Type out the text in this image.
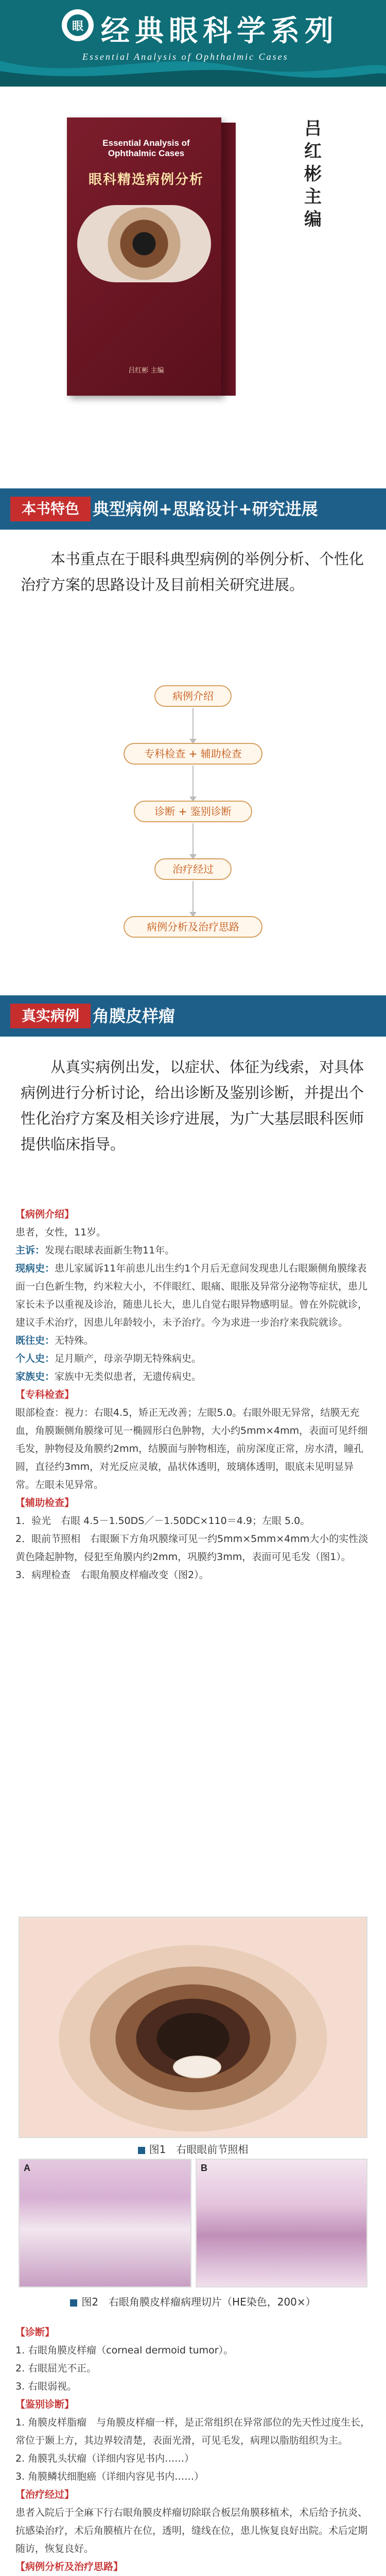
眼 经典眼科学系列
Essential Analysis of Ophthalmic Cases
Essential Analysis of Ophthalmic Cases
眼科精选病例分析
吕红彬 主编
吕红彬 主编
本书特色 典型病例+思路设计+研究进展
本书重点在于眼科典型病例的举例分析、个性化治疗方案的思路设计及目前相关研究进展。
病例介绍
专科检查 + 辅助检查
诊断 + 鉴别诊断
治疗经过
病例分析及治疗思路
真实病例 角膜皮样瘤
从真实病例出发，以症状、体征为线索，对具体病例进行分析讨论，给出诊断及鉴别诊断，并提出个性化治疗方案及相关诊疗进展，为广大基层眼科医师提供临床指导。
【病例介绍】

患者，女性，11岁。

主诉：发现右眼球表面新生物11年。

现病史：患儿家属诉11年前患儿出生约1个月后无意间发现患儿右眼颞侧角膜缘表面一白色新生物，约米粒大小，不伴眼红、眼痛、眼胀及异常分泌物等症状，患儿家长未予以重视及诊治，随患儿长大，患儿自觉右眼异物感明显。曾在外院就诊，建议手术治疗，因患儿年龄较小，未予治疗。今为求进一步治疗来我院就诊。

既往史：无特殊。

个人史：足月顺产，母亲孕期无特殊病史。

家族史：家族中无类似患者，无遗传病史。

【专科检查】

眼部检查：视力：右眼4.5，矫正无改善；左眼5.0。右眼外眼无异常，结膜无充血，角膜颞侧角膜缘可见一椭圆形白色肿物，大小约5mm×4mm，表面可见纤细毛发，肿物侵及角膜约2mm，结膜面与肿物相连，前房深度正常，房水清，瞳孔圆，直径约3mm，对光反应灵敏，晶状体透明，玻璃体透明，眼底未见明显异常。左眼未见异常。

【辅助检查】

1．验光　右眼 4.5－1.50DS／－1.50DC×110＝4.9；左眼 5.0。

2．眼前节照相　右眼颞下方角巩膜缘可见一约5mm×5mm×4mm大小的实性淡黄色隆起肿物，侵犯至角膜内约2mm，巩膜约3mm，表面可见毛发（图1）。

3．病理检查　右眼角膜皮样瘤改变（图2）。

图1　右眼眼前节照相
A	B
图2　右眼角膜皮样瘤病理切片（HE染色，200×）
【诊断】

1. 右眼角膜皮样瘤（corneal dermoid tumor）。

2. 右眼屈光不正。

3. 右眼弱视。

【鉴别诊断】

1. 角膜皮样脂瘤　与角膜皮样瘤一样，是正常组织在异常部位的先天性过度生长，常位于颞上方，其边界较清楚，表面光滑，可见毛发，病理以脂肪组织为主。

2. 角膜乳头状瘤（详细内容见书内……）

3. 角膜鳞状细胞癌（详细内容见书内……）

【治疗经过】

患者入院后于全麻下行右眼角膜皮样瘤切除联合板层角膜移植术，术后给予抗炎、抗感染治疗，术后角膜植片在位，透明，缝线在位，患儿恢复良好出院。术后定期随访，恢复良好。

【病例分析及治疗思路】
